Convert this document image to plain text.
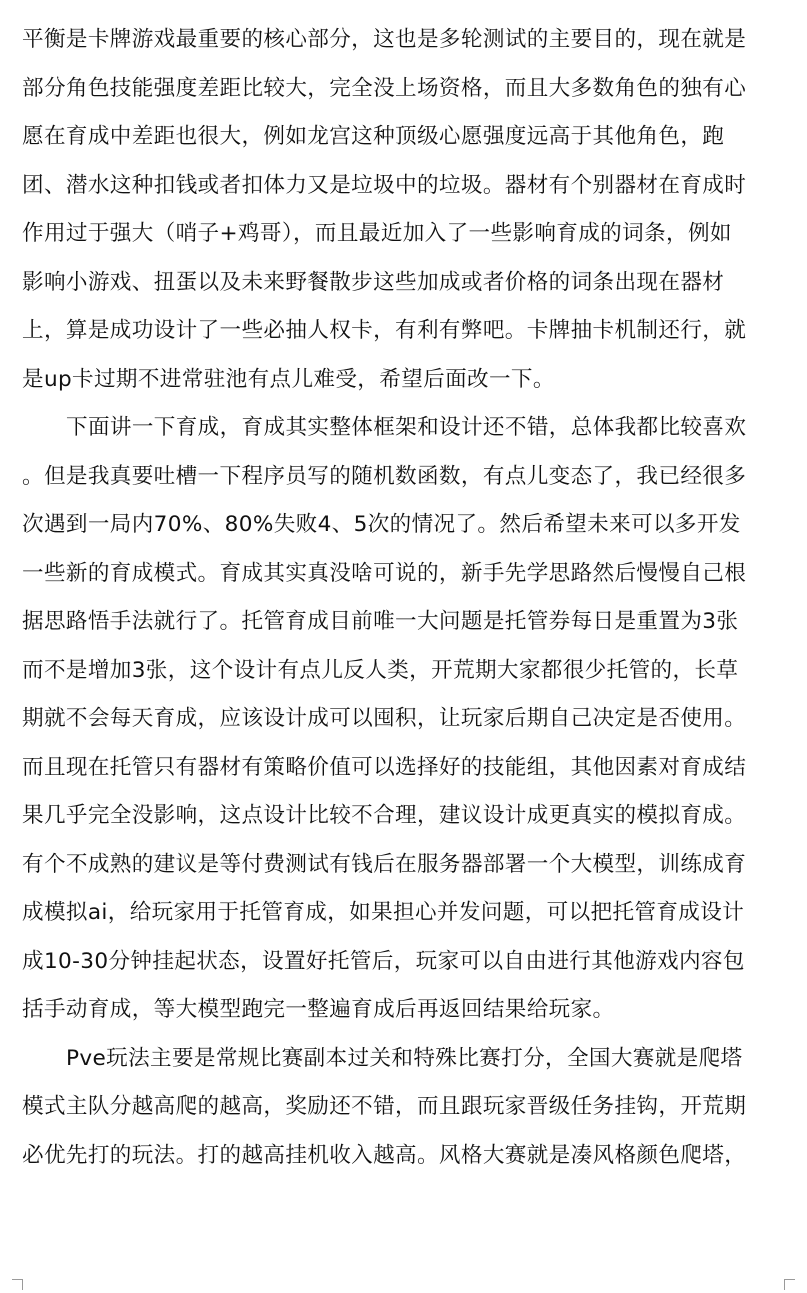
平衡是卡牌游戏最重要的核心部分，这也是多轮测试的主要目的，现在就是
部分角色技能强度差距比较大，完全没上场资格，而且大多数角色的独有心
愿在育成中差距也很大，例如龙宫这种顶级心愿强度远高于其他角色，跑
团、潜水这种扣钱或者扣体力又是垃圾中的垃圾。器材有个别器材在育成时
作用过于强大（哨子+鸡哥），而且最近加入了一些影响育成的词条，例如
影响小游戏、扭蛋以及未来野餐散步这些加成或者价格的词条出现在器材
上，算是成功设计了一些必抽人权卡，有利有弊吧。卡牌抽卡机制还行，就
是up卡过期不进常驻池有点儿难受，希望后面改一下。
下面讲一下育成，育成其实整体框架和设计还不错，总体我都比较喜欢
。但是我真要吐槽一下程序员写的随机数函数，有点儿变态了，我已经很多
次遇到一局内70%、80%失败4、5次的情况了。然后希望未来可以多开发
一些新的育成模式。育成其实真没啥可说的，新手先学思路然后慢慢自己根
据思路悟手法就行了。托管育成目前唯一大问题是托管券每日是重置为3张
而不是增加3张，这个设计有点儿反人类，开荒期大家都很少托管的，长草
期就不会每天育成，应该设计成可以囤积，让玩家后期自己决定是否使用。
而且现在托管只有器材有策略价值可以选择好的技能组，其他因素对育成结
果几乎完全没影响，这点设计比较不合理，建议设计成更真实的模拟育成。
有个不成熟的建议是等付费测试有钱后在服务器部署一个大模型，训练成育
成模拟ai，给玩家用于托管育成，如果担心并发问题，可以把托管育成设计
成10-30分钟挂起状态，设置好托管后，玩家可以自由进行其他游戏内容包
括手动育成，等大模型跑完一整遍育成后再返回结果给玩家。
Pve玩法主要是常规比赛副本过关和特殊比赛打分，全国大赛就是爬塔
模式主队分越高爬的越高，奖励还不错，而且跟玩家晋级任务挂钩，开荒期
必优先打的玩法。打的越高挂机收入越高。风格大赛就是凑风格颜色爬塔，
